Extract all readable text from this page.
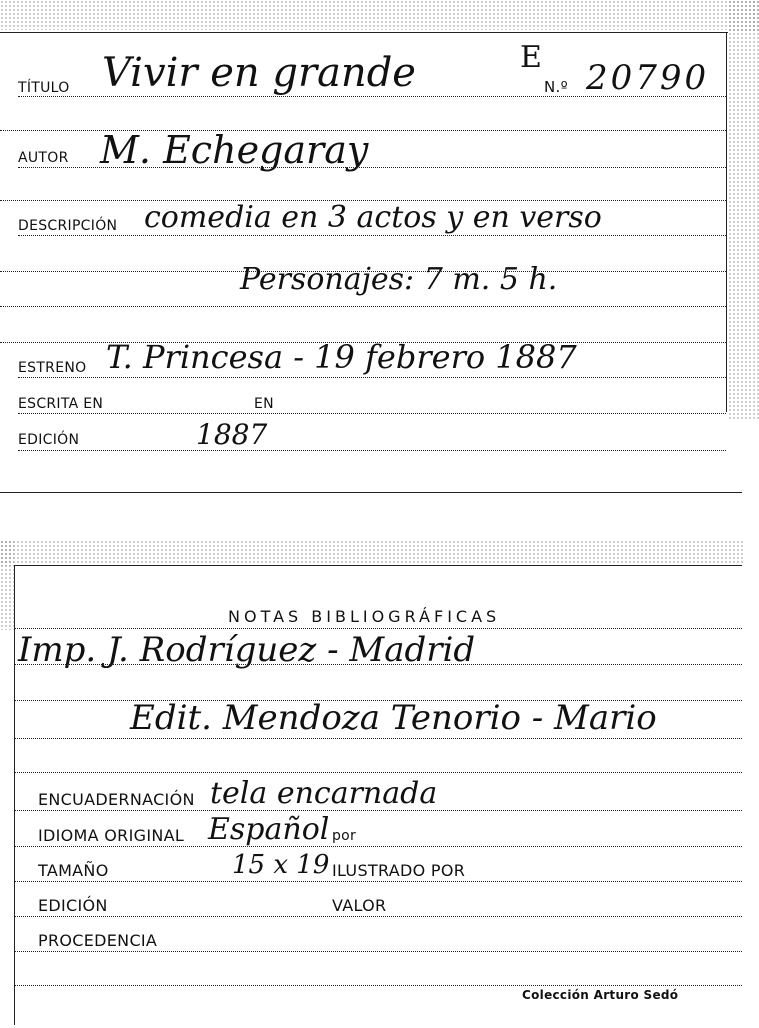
TÍTULO Vivir en grande	E
N.º 20790
AUTOR M. Echegaray
DESCRIPCIÓN comedia en 3 actos y en verso
Personajes: 7 m. 5 h.
ESTRENO T. Princesa - 19 febrero 1887
ESCRITA EN	EN
EDICIÓN	1887
NOTAS BIBLIOGRÁFICAS
Imp. J. Rodríguez - Madrid
Edit. Mendoza Tenorio - Mario
ENCUADERNACIÓN tela encarnada
IDIOMA ORIGINAL Español por
TAMAÑO	15 x 19 ILUSTRADO POR
EDICIÓN	VALOR
PROCEDENCIA
Colección Arturo Sedó
